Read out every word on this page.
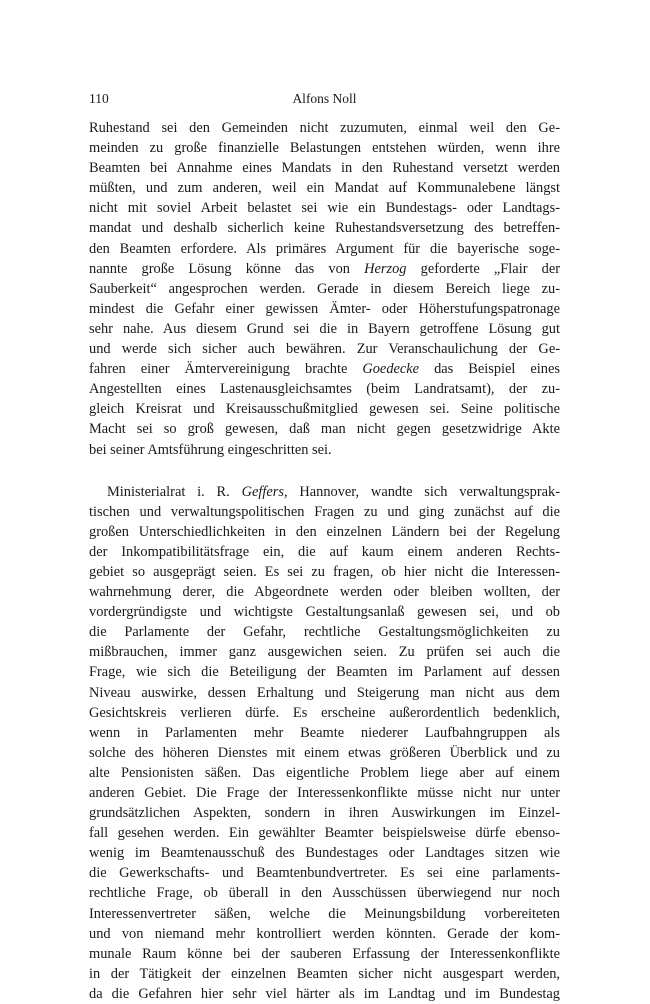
110	Alfons Noll
Ruhestand sei den Gemeinden nicht zuzumuten, einmal weil den Ge-
meinden zu große finanzielle Belastungen entstehen würden, wenn ihre
Beamten bei Annahme eines Mandats in den Ruhestand versetzt werden
müßten, und zum anderen, weil ein Mandat auf Kommunalebene längst
nicht mit soviel Arbeit belastet sei wie ein Bundestags- oder Landtags-
mandat und deshalb sicherlich keine Ruhestandsversetzung des betreffen-
den Beamten erfordere. Als primäres Argument für die bayerische soge-
nannte große Lösung könne das von Herzog geforderte „Flair der
Sauberkeit“ angesprochen werden. Gerade in diesem Bereich liege zu-
mindest die Gefahr einer gewissen Ämter- oder Höherstufungspatronage
sehr nahe. Aus diesem Grund sei die in Bayern getroffene Lösung gut
und werde sich sicher auch bewähren. Zur Veranschaulichung der Ge-
fahren einer Ämtervereinigung brachte Goedecke das Beispiel eines
Angestellten eines Lastenausgleichsamtes (beim Landratsamt), der zu-
gleich Kreisrat und Kreisausschußmitglied gewesen sei. Seine politische
Macht sei so groß gewesen, daß man nicht gegen gesetzwidrige Akte
bei seiner Amtsführung eingeschritten sei.
Ministerialrat i. R. Geffers, Hannover, wandte sich verwaltungsprak-
tischen und verwaltungspolitischen Fragen zu und ging zunächst auf die
großen Unterschiedlichkeiten in den einzelnen Ländern bei der Regelung
der Inkompatibilitätsfrage ein, die auf kaum einem anderen Rechts-
gebiet so ausgeprägt seien. Es sei zu fragen, ob hier nicht die Interessen-
wahrnehmung derer, die Abgeordnete werden oder bleiben wollten, der
vordergründigste und wichtigste Gestaltungsanlaß gewesen sei, und ob
die Parlamente der Gefahr, rechtliche Gestaltungsmöglichkeiten zu
mißbrauchen, immer ganz ausgewichen seien. Zu prüfen sei auch die
Frage, wie sich die Beteiligung der Beamten im Parlament auf dessen
Niveau auswirke, dessen Erhaltung und Steigerung man nicht aus dem
Gesichtskreis verlieren dürfe. Es erscheine außerordentlich bedenklich,
wenn in Parlamenten mehr Beamte niederer Laufbahngruppen als
solche des höheren Dienstes mit einem etwas größeren Überblick und zu
alte Pensionisten säßen. Das eigentliche Problem liege aber auf einem
anderen Gebiet. Die Frage der Interessenkonflikte müsse nicht nur unter
grundsätzlichen Aspekten, sondern in ihren Auswirkungen im Einzel-
fall gesehen werden. Ein gewählter Beamter beispielsweise dürfe ebenso-
wenig im Beamtenausschuß des Bundestages oder Landtages sitzen wie
die Gewerkschafts- und Beamtenbundvertreter. Es sei eine parlaments-
rechtliche Frage, ob überall in den Ausschüssen überwiegend nur noch
Interessenvertreter säßen, welche die Meinungsbildung vorbereiteten
und von niemand mehr kontrolliert werden könnten. Gerade der kom-
munale Raum könne bei der sauberen Erfassung der Interessenkonflikte
in der Tätigkeit der einzelnen Beamten sicher nicht ausgespart werden,
da die Gefahren hier sehr viel härter als im Landtag und im Bundestag
